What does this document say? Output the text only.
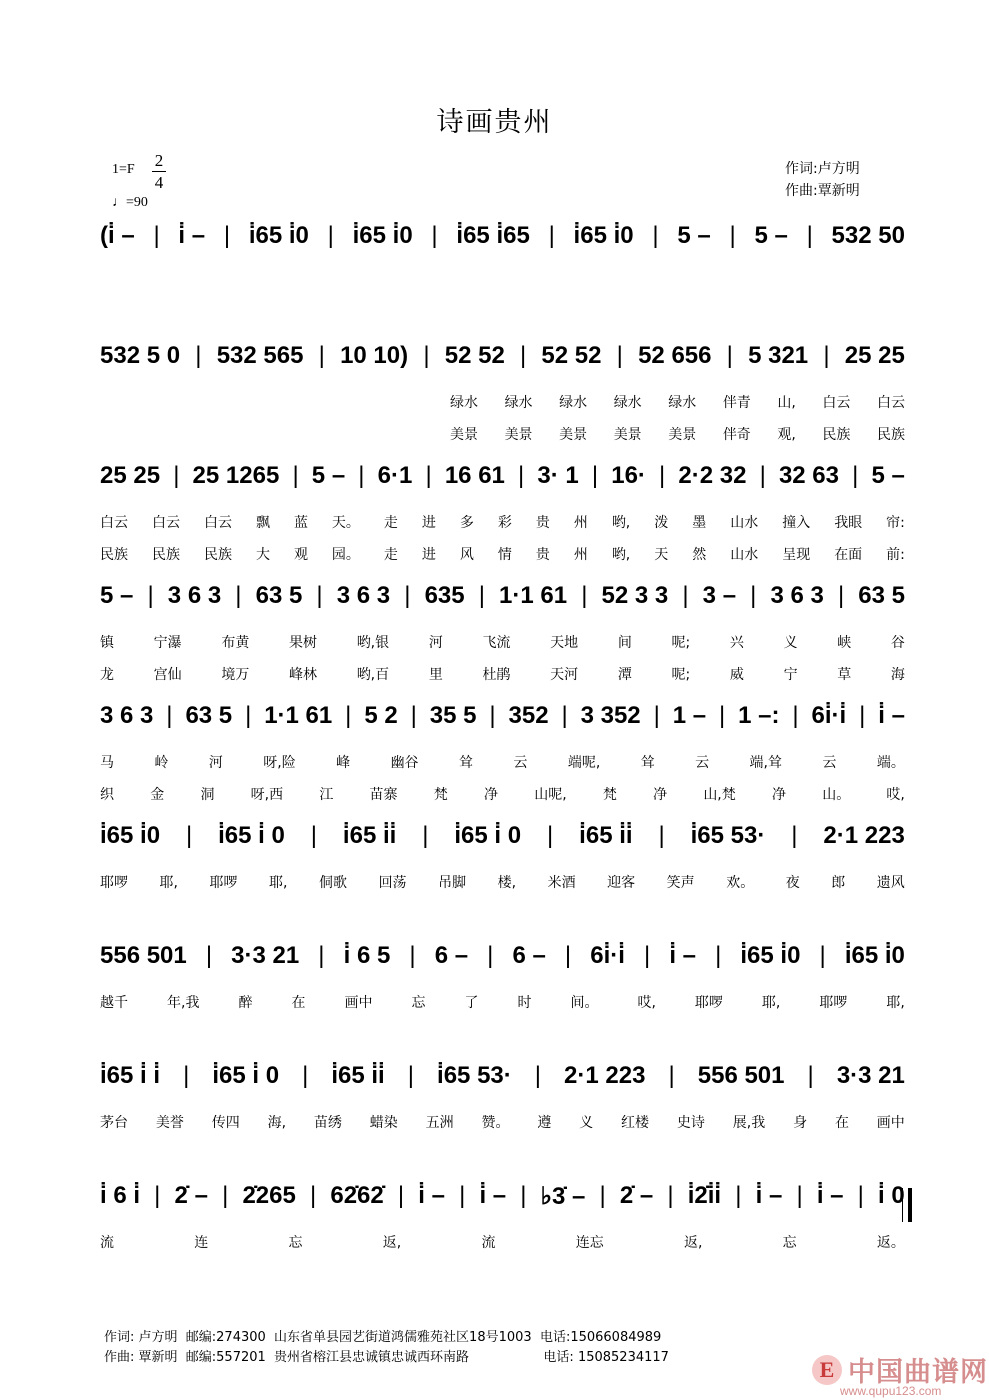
诗画贵州
1=F 2
4
♩=90
作词:卢方明
作曲:覃新明
(i̇ – | i̇ – | i̇65 i̇0 | i̇65 i̇0 | i̇65 i̇65 | i̇65 i̇0 | 5 – | 5 – | 532 50
532 5 0 | 532 565 | 10 10) | 52 52 | 52 52 | 52 656 | 5 321 | 25 25
绿水 绿水 绿水 绿水 绿水 伴青 山, 白云 白云
美景 美景 美景 美景 美景 伴奇 观, 民族 民族
25 25 | 25 1265 | 5 – | 6·1 | 16 61 | 3· 1 | 16· | 2·2 32 | 32 63 | 5 –
白云 白云 白云 飘 蓝 天。 走 进 多 彩 贵 州 哟, 泼 墨 山水 撞入 我眼 帘:
民族 民族 民族 大 观 园。 走 进 风 情 贵 州 哟, 天 然 山水 呈现 在面 前:
5 – | 3 6 3 | 63 5 | 3 6 3 | 635 | 1·1 61 | 52 3 3 | 3 – | 3 6 3 | 63 5
镇	宁瀑	布黄	果树	哟,银	河	飞流	天地	间	呢;	兴	义	峡	谷
龙	宫仙	境万	峰林	哟,百	里	杜鹃	天河	潭	呢;	威	宁	草	海
3 6 3 | 63 5 | 1·1 61 | 5 2 | 35 5 | 352 | 3 352 | 1 – | 1 –: | 6i̇·i̇ | i̇ –
马	岭	河	呀,险	峰	幽谷	耸	云	端呢,	耸	云	端,耸	云	端。
织	金	洞	呀,西	江	苗寨	梵	净	山呢,	梵	净	山,梵	净	山。	哎,
i̇65 i̇0 | i̇65 i̇ 0 | i̇65 i̇i̇ | i̇65 i̇ 0 | i̇65 i̇i̇ | i̇65 53· | 2·1 223
耶啰 耶, 耶啰 耶, 侗歌 回荡 吊脚 楼, 米酒 迎客 笑声 欢。 夜 郎 遗风
556 501 | 3·3 21 | i̇ 6 5 | 6 – | 6 – | 6i̇·i̇ | i̇ – | i̇65 i̇0 | i̇65 i̇0
越千	年,我	醉	在	画中	忘	了	时	间。	哎,	耶啰	耶,	耶啰	耶,
i̇65 i̇ i̇ | i̇65 i̇ 0 | i̇65 i̇i̇ | i̇65 53· | 2·1 223 | 556 501 | 3·3 21
茅台 美誉 传四 海, 苗绣 蜡染 五洲 赞。 遵 义 红楼 史诗 展,我 身 在 画中
i̇ 6 i̇ | 2̇ – | 2̇265 | 62̇62̇ | i̇ – | i̇ – | ♭3̇ – | 2̇ – | i̇2̇i̇i̇ | i̇ – | i̇ – | i̇ 0
流	连	忘	返,	流	连忘	返,	忘	返。
作词: 卢方明  邮编:274300  山东省单县园艺街道鸿儒雅苑社区18号1003  电话:15066084989
作曲: 覃新明  邮编:557201  贵州省榕江县忠诚镇忠诚西环南路                  电话: 15085234117	E 中国曲谱网
www.qupu123.com
